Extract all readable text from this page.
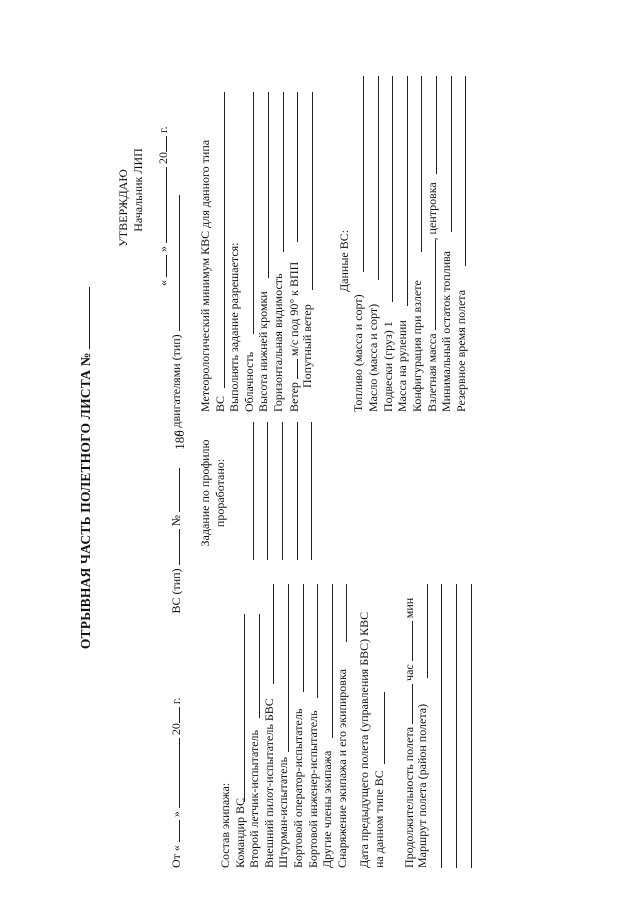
180
ОТРЫВНАЯ ЧАСТЬ ПОЛЕТНОГО ЛИСТА №
УТВЕРЖДАЮ Начальник ЛИП
«  »  20 г.
От «  »  20 г.  ВС (тип)  №   с двигателями (тип)
Состав экипажа: Командир ВС Второй летчик-испытатель Внешний пилот-испытатель БВС Штурман-испытатель Бортовой оператор-испытатель Бортовой инженер-испытатель Другие члены экипажа Снаряжение экипажа и его экипировка Дата предыдущего полета (управления БВС) КВС на данном типе ВС Продолжительность полета  час  мин
Маршрут полета (район полета)
Задание по профилю проработано:
Метеорологический минимум КВС для данного типа ВС Выполнять задание разрешается: Облачность Высота нижней кромки Горизонтальная видимость Ветер  м/с под 90° к ВПП Попутный ветер
Данные ВС:
Топливо (масса и сорт) Масло (масса и сорт) Подвески (груз) 1 Масса на рулении Конфигурация при взлете Взлетная масса , центровка
Минимальный остаток топлива Резервное время полета
